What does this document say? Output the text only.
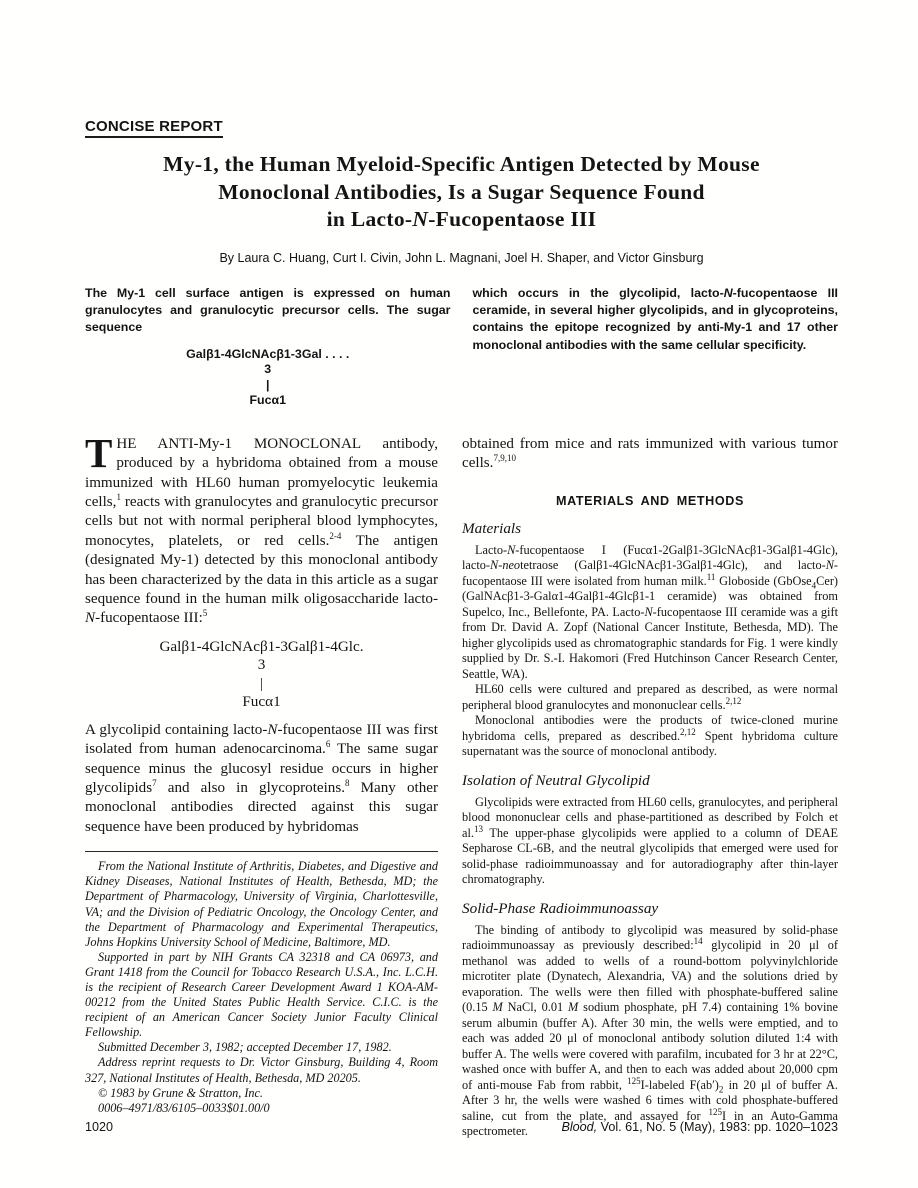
CONCISE REPORT
My-1, the Human Myeloid-Specific Antigen Detected by Mouse
Monoclonal Antibodies, Is a Sugar Sequence Found
in Lacto-N-Fucopentaose III
By Laura C. Huang, Curt I. Civin, John L. Magnani, Joel H. Shaper, and Victor Ginsburg

The My-1 cell surface antigen is expressed on human granulocytes and granulocytic precursor cells. The sugar sequence

Galβ1-4GlcNAcβ1-3Gal . . . .
3
|
Fucα1

which occurs in the glycolipid, lacto-N-fucopentaose III ceramide, in several higher glycolipids, and in glycoproteins, contains the epitope recognized by anti-My-1 and 17 other monoclonal antibodies with the same cellular specificity.

THE ANTI-My-1 MONOCLONAL antibody, produced by a hybridoma obtained from a mouse immunized with HL60 human promyelocytic leukemia cells,$^1$ reacts with granulocytes and granulocytic precursor cells but not with normal peripheral blood lymphocytes, monocytes, platelets, or red cells.$^{2-4}$ The antigen (designated My-1) detected by this monoclonal antibody has been characterized by the data in this article as a sugar sequence found in the human milk oligosaccharide lacto-N-fucopentaose III:$^5$

Galβ1-4GlcNAcβ1-3Galβ1-4Glc.
3
|
Fucα1

A glycolipid containing lacto-N-fucopentaose III was first isolated from human adenocarcinoma.$^6$ The same sugar sequence minus the glucosyl residue occurs in higher glycolipids$^7$ and also in glycoproteins.$^8$ Many other monoclonal antibodies directed against this sugar sequence have been produced by hybridomas

From the National Institute of Arthritis, Diabetes, and Digestive and Kidney Diseases, National Institutes of Health, Bethesda, MD; the Department of Pharmacology, University of Virginia, Charlottesville, VA; and the Division of Pediatric Oncology, the Oncology Center, and the Department of Pharmacology and Experimental Therapeutics, Johns Hopkins University School of Medicine, Baltimore, MD.

Supported in part by NIH Grants CA 32318 and CA 06973, and Grant 1418 from the Council for Tobacco Research U.S.A., Inc. L.C.H. is the recipient of Research Career Development Award 1 KOA-AM-00212 from the United States Public Health Service. C.I.C. is the recipient of an American Cancer Society Junior Faculty Clinical Fellowship.

Submitted December 3, 1982; accepted December 17, 1982.

Address reprint requests to Dr. Victor Ginsburg, Building 4, Room 327, National Institutes of Health, Bethesda, MD 20205.

© 1983 by Grune & Stratton, Inc.

0006–4971/83/6105–0033$01.00/0

obtained from mice and rats immunized with various tumor cells.$^{7,9,10}$

MATERIALS AND METHODS
Materials

Lacto-N-fucopentaose I (Fucα1-2Galβ1-3GlcNAcβ1-3Galβ1-4Glc), lacto-N-neotetraose (Galβ1-4GlcNAcβ1-3Galβ1-4Glc), and lacto-N-fucopentaose III were isolated from human milk.$^{11}$ Globoside (GbOse$_4$Cer) (GalNAcβ1-3-Galα1-4Galβ1-4Glcβ1-1 ceramide) was obtained from Supelco, Inc., Bellefonte, PA. Lacto-N-fucopentaose III ceramide was a gift from Dr. David A. Zopf (National Cancer Institute, Bethesda, MD). The higher glycolipids used as chromatographic standards for Fig. 1 were kindly supplied by Dr. S.-I. Hakomori (Fred Hutchinson Cancer Research Center, Seattle, WA).

HL60 cells were cultured and prepared as described, as were normal peripheral blood granulocytes and mononuclear cells.$^{2,12}$

Monoclonal antibodies were the products of twice-cloned murine hybridoma cells, prepared as described.$^{2,12}$ Spent hybridoma culture supernatant was the source of monoclonal antibody.

Isolation of Neutral Glycolipid

Glycolipids were extracted from HL60 cells, granulocytes, and peripheral blood mononuclear cells and phase-partitioned as described by Folch et al.$^{13}$ The upper-phase glycolipids were applied to a column of DEAE Sepharose CL-6B, and the neutral glycolipids that emerged were used for solid-phase radioimmunoassay and for autoradiography after thin-layer chromatography.

Solid-Phase Radioimmunoassay

The binding of antibody to glycolipid was measured by solid-phase radioimmunoassay as previously described:$^{14}$ glycolipid in 20 μl of methanol was added to wells of a round-bottom polyvinylchloride microtiter plate (Dynatech, Alexandria, VA) and the solutions dried by evaporation. The wells were then filled with phosphate-buffered saline (0.15 M NaCl, 0.01 M sodium phosphate, pH 7.4) containing 1% bovine serum albumin (buffer A). After 30 min, the wells were emptied, and to each was added 20 μl of monoclonal antibody solution diluted 1:4 with buffer A. The wells were covered with parafilm, incubated for 3 hr at 22°C, washed once with buffer A, and then to each was added about 20,000 cpm of anti-mouse Fab from rabbit, $^{125}$I-labeled $F(ab')_2$ in 20 μl of buffer A. After 3 hr, the wells were washed 6 times with cold phosphate-buffered saline, cut from the plate, and assayed for $^{125}$I in an Auto-Gamma spectrometer.

1020	Blood, Vol. 61, No. 5 (May), 1983: pp. 1020–1023
